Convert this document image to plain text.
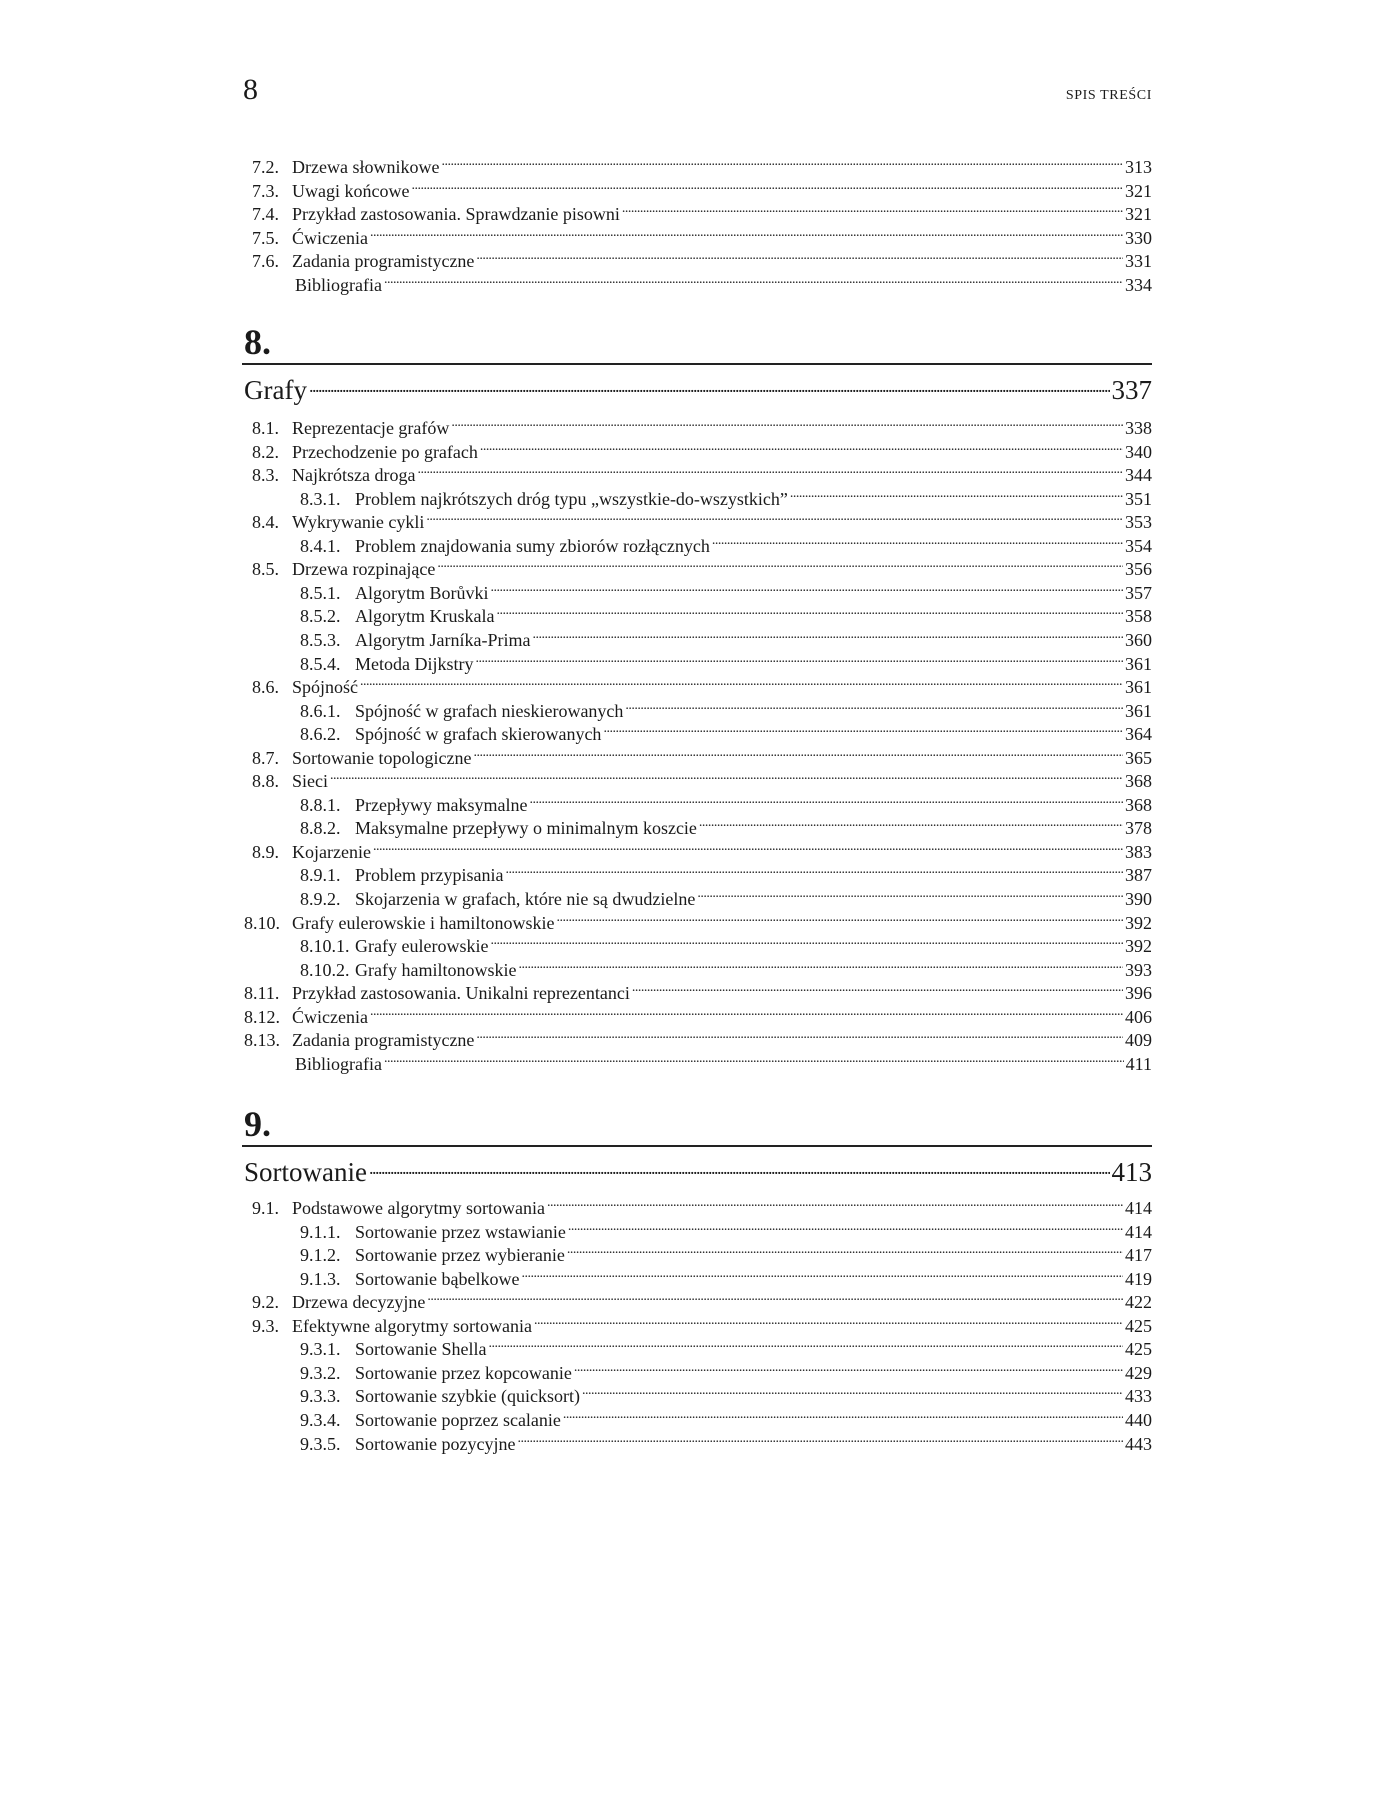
8	SPIS TREŚCI
7.2. Drzewa słownikowe . . .	313
7.3. Uwagi końcowe . . .	321
7.4. Przykład zastosowania. Sprawdzanie pisowni . . .	321
7.5. Ćwiczenia . . .	330
7.6. Zadania programistyczne . . .	331
Bibliografia . . .	334
8.
Grafy . . .	337
8.1. Reprezentacje grafów . . .	338
8.2. Przechodzenie po grafach . . .	340
8.3. Najkrótsza droga . . .	344
8.3.1. Problem najkrótszych dróg typu „wszystkie-do-wszystkich” . . .	351
8.4. Wykrywanie cykli . . .	353
8.4.1. Problem znajdowania sumy zbiorów rozłącznych . . .	354
8.5. Drzewa rozpinające . . .	356
8.5.1. Algorytm Borůvki . . .	357
8.5.2. Algorytm Kruskala . . .	358
8.5.3. Algorytm Jarníka-Prima . . .	360
8.5.4. Metoda Dijkstry . . .	361
8.6. Spójność . . .	361
8.6.1. Spójność w grafach nieskierowanych . . .	361
8.6.2. Spójność w grafach skierowanych . . .	364
8.7. Sortowanie topologiczne . . .	365
8.8. Sieci . . .	368
8.8.1. Przepływy maksymalne . . .	368
8.8.2. Maksymalne przepływy o minimalnym koszcie . . .	378
8.9. Kojarzenie . . .	383
8.9.1. Problem przypisania . . .	387
8.9.2. Skojarzenia w grafach, które nie są dwudzielne . . .	390
8.10. Grafy eulerowskie i hamiltonowskie . . .	392
8.10.1. Grafy eulerowskie . . .	392
8.10.2. Grafy hamiltonowskie . . .	393
8.11. Przykład zastosowania. Unikalni reprezentanci . . .	396
8.12. Ćwiczenia . . .	406
8.13. Zadania programistyczne . . .	409
Bibliografia . . .	411
9.
Sortowanie . . .	413
9.1. Podstawowe algorytmy sortowania . . .	414
9.1.1. Sortowanie przez wstawianie . . .	414
9.1.2. Sortowanie przez wybieranie . . .	417
9.1.3. Sortowanie bąbelkowe . . .	419
9.2. Drzewa decyzyjne . . .	422
9.3. Efektywne algorytmy sortowania . . .	425
9.3.1. Sortowanie Shella . . .	425
9.3.2. Sortowanie przez kopcowanie . . .	429
9.3.3. Sortowanie szybkie (quicksort) . . .	433
9.3.4. Sortowanie poprzez scalanie . . .	440
9.3.5. Sortowanie pozycyjne . . .	443
